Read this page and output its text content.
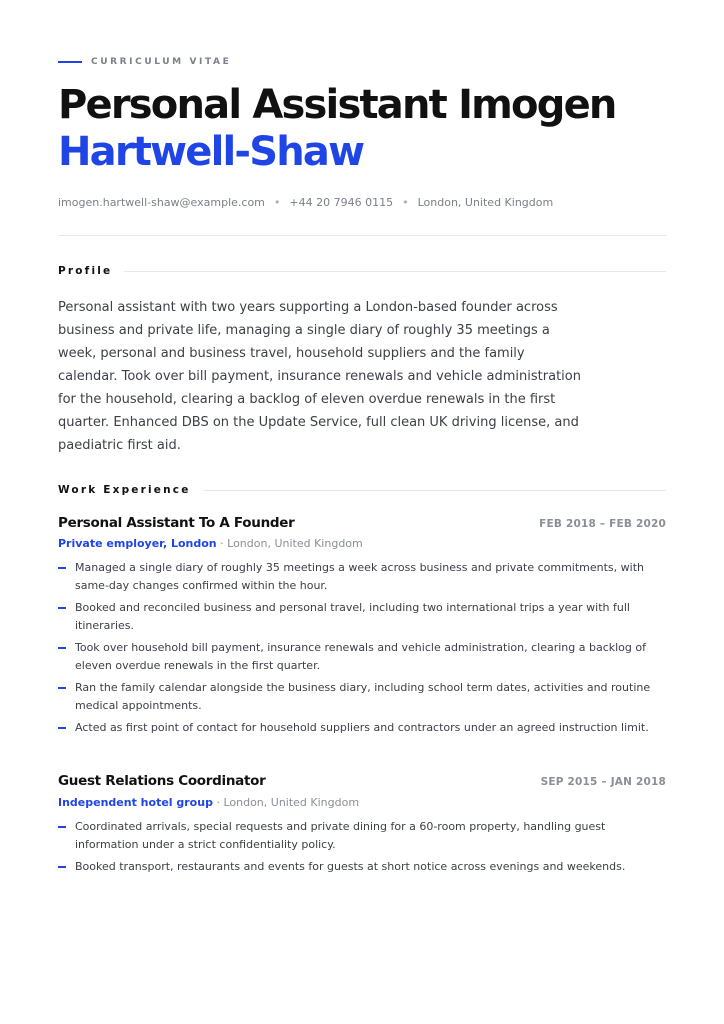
CURRICULUM VITAE
Personal Assistant Imogen
Hartwell-Shaw
imogen.hartwell-shaw@example.com • +44 20 7946 0115 • London, United Kingdom
Profile

Personal assistant with two years supporting a London-based founder across business and private life, managing a single diary of roughly 35 meetings a week, personal and business travel, household suppliers and the family calendar. Took over bill payment, insurance renewals and vehicle administration for the household, clearing a backlog of eleven overdue renewals in the first quarter. Enhanced DBS on the Update Service, full clean UK driving license, and paediatric first aid.

Work Experience
Personal Assistant To A Founder	FEB 2018 – FEB 2020
Private employer, London · London, United Kingdom
Managed a single diary of roughly 35 meetings a week across business and private commitments, with same-day changes confirmed within the hour.
Booked and reconciled business and personal travel, including two international trips a year with full itineraries.
Took over household bill payment, insurance renewals and vehicle administration, clearing a backlog of eleven overdue renewals in the first quarter.
Ran the family calendar alongside the business diary, including school term dates, activities and routine medical appointments.
Acted as first point of contact for household suppliers and contractors under an agreed instruction limit.
Guest Relations Coordinator	SEP 2015 – JAN 2018
Independent hotel group · London, United Kingdom
Coordinated arrivals, special requests and private dining for a 60-room property, handling guest information under a strict confidentiality policy.
Booked transport, restaurants and events for guests at short notice across evenings and weekends.
